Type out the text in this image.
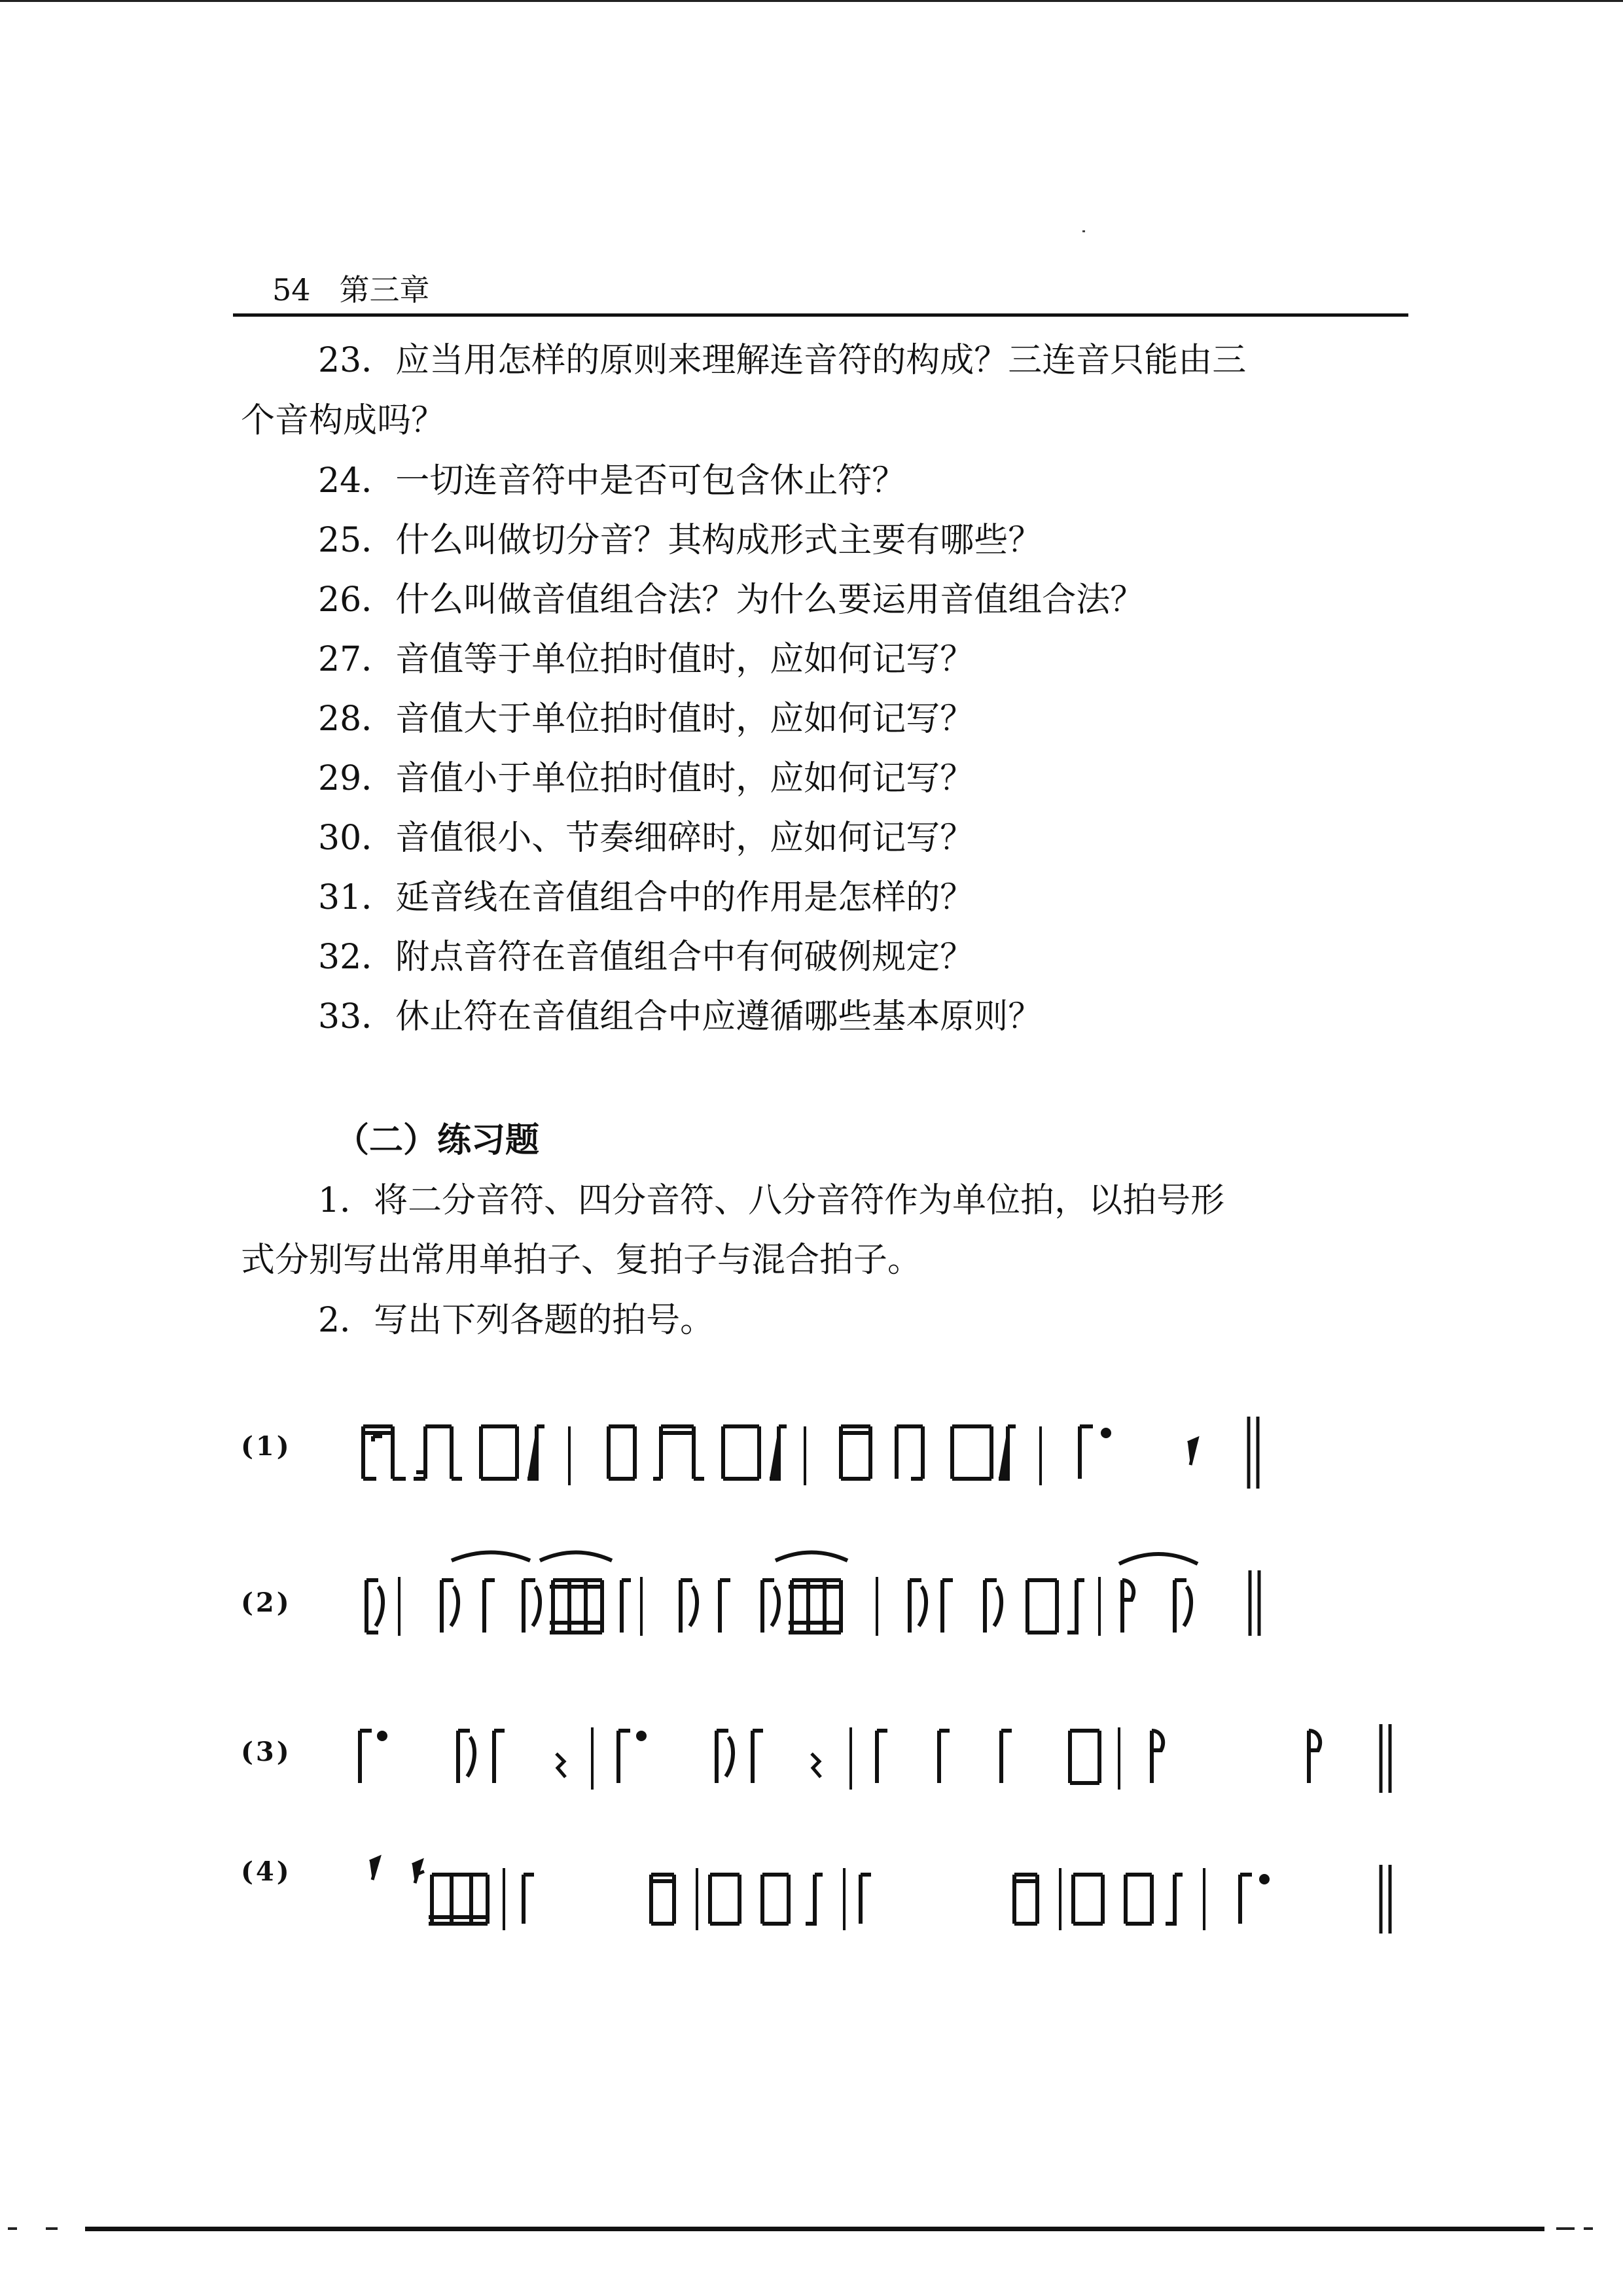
54 第三章
23．应当用怎样的原则来理解连音符的构成？三连音只能由三
个音构成吗？
24．一切连音符中是否可包含休止符？
25．什么叫做切分音？其构成形式主要有哪些？
26．什么叫做音值组合法？为什么要运用音值组合法？
27．音值等于单位拍时值时，应如何记写？
28．音值大于单位拍时值时，应如何记写？
29．音值小于单位拍时值时，应如何记写？
30．音值很小、节奏细碎时，应如何记写？
31．延音线在音值组合中的作用是怎样的？
32．附点音符在音值组合中有何破例规定？
33．休止符在音值组合中应遵循哪些基本原则？
（二）练习题
1．将二分音符、四分音符、八分音符作为单位拍，以拍号形
式分别写出常用单拍子、复拍子与混合拍子。
2．写出下列各题的拍号。
(1)
(2)
(3)
(4)
